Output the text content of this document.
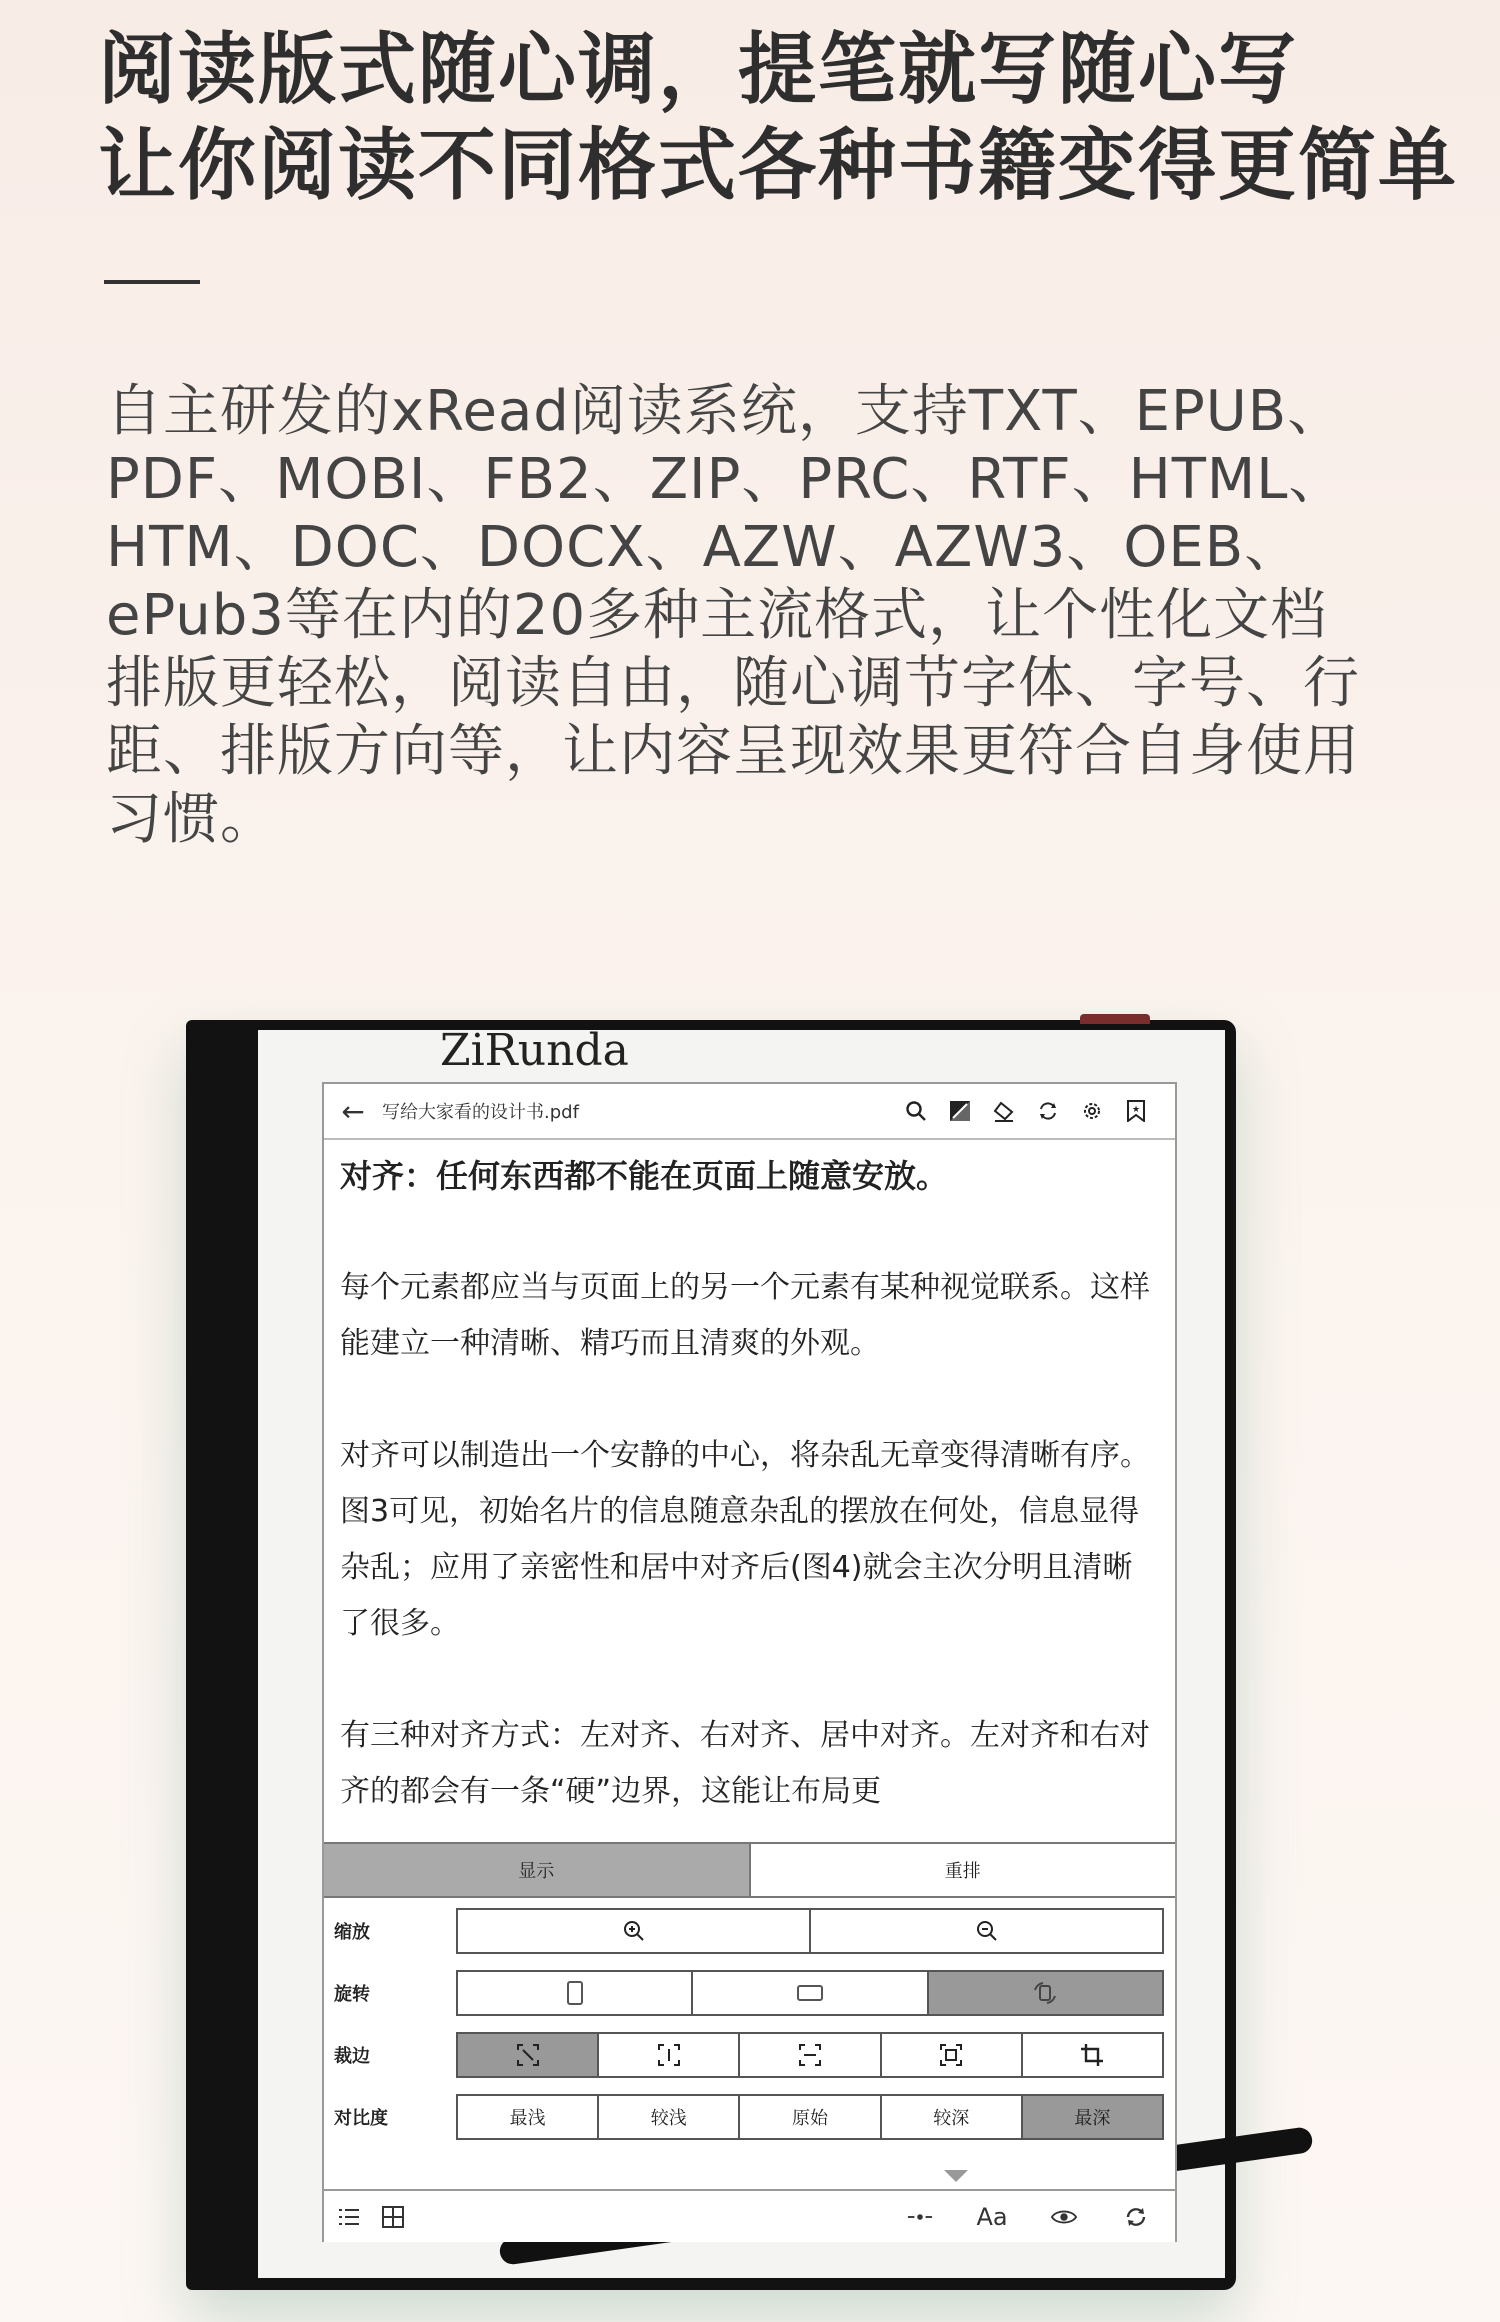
阅读版式随心调，提笔就写随心写
让你阅读不同格式各种书籍变得更简单

自主研发的xRead阅读系统，支持TXT、EPUB、PDF、MOBI、FB2、ZIP、PRC、RTF、HTML、HTM、DOC、DOCX、AZW、AZW3、OEB、ePub3等在内的20多种主流格式，让个性化文档排版更轻松，阅读自由，随心调节字体、字号、行距、排版方向等，让内容呈现效果更符合自身使用习惯。

ZiRunda
← 写给大家看的设计书.pdf	★

对齐：任何东西都不能在页面上随意安放。

每个元素都应当与页面上的另一个元素有某种视觉联系。这样能建立一种清晰、精巧而且清爽的外观。

对齐可以制造出一个安静的中心，将杂乱无章变得清晰有序。图3可见，初始名片的信息随意杂乱的摆放在何处，信息显得杂乱；应用了亲密性和居中对齐后(图4)就会主次分明且清晰了很多。

有三种对齐方式：左对齐、右对齐、居中对齐。左对齐和右对齐的都会有一条“硬”边界，这能让布局更

显示	重排
缩放
旋转
裁边
对比度	最浅	较浅	原始	较深	最深
Aa
